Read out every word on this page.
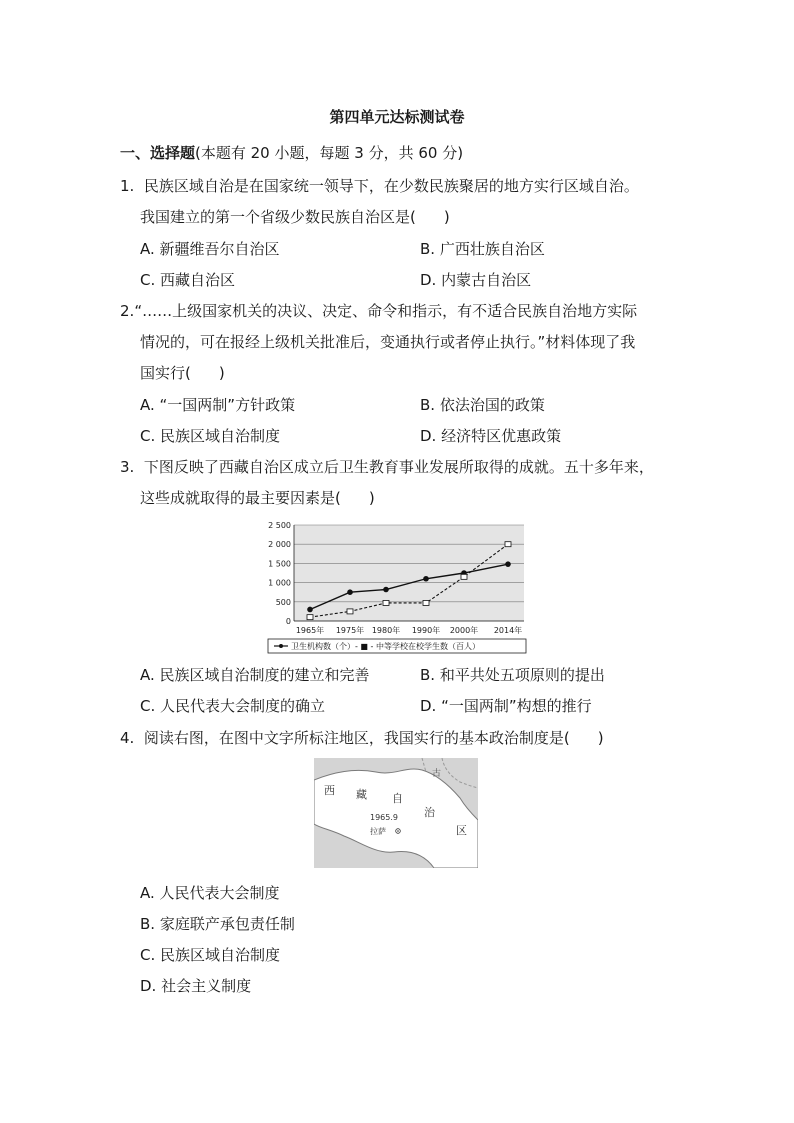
第四单元达标测试卷
一、选择题(本题有 20 小题，每题 3 分，共 60 分)
1. 民族区域自治是在国家统一领导下，在少数民族聚居的地方实行区域自治。
我国建立的第一个省级少数民族自治区是( )
A. 新疆维吾尔自治区	B. 广西壮族自治区
C. 西藏自治区	D. 内蒙古自治区
2.“……上级国家机关的决议、决定、命令和指示，有不适合民族自治地方实际
情况的，可在报经上级机关批准后，变通执行或者停止执行。”材料体现了我
国实行( )
A. “一国两制”方针政策	B. 依法治国的政策
C. 民族区域自治制度	D. 经济特区优惠政策
3. 下图反映了西藏自治区成立后卫生教育事业发展所取得的成就。五十多年来，
这些成就取得的最主要因素是( )
0
500
1 000
1 500
2 000
2 500
1965年 1975年 1980年 1990年 2000年 2014年
卫生机构数（个）- ■ - 中等学校在校学生数（百人）
A. 民族区域自治制度的建立和完善	B. 和平共处五项原则的提出
C. 人民代表大会制度的确立	D. “一国两制”构想的推行
4. 阅读右图，在图中文字所标注地区，我国实行的基本政治制度是( )
西 藏 自
治
区
古
1965.9
拉萨
A. 人民代表大会制度
B. 家庭联产承包责任制
C. 民族区域自治制度
D. 社会主义制度
